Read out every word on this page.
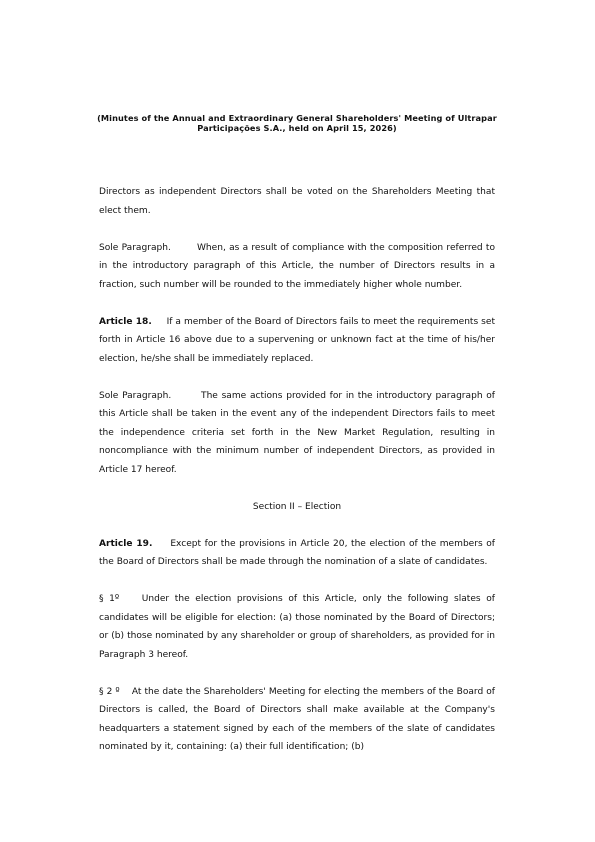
(Minutes of the Annual and Extraordinary General Shareholders' Meeting of Ultrapar
Participações S.A., held on April 15, 2026)

Directors as independent Directors shall be voted on the Shareholders Meeting that elect them.

Sole Paragraph.	When, as a result of compliance with the composition referred to in the introductory paragraph of this Article, the number of Directors results in a fraction, such number will be rounded to the immediately higher whole number.

Article 18. If a member of the Board of Directors fails to meet the requirements set forth in Article 16 above due to a supervening or unknown fact at the time of his/her election, he/she shall be immediately replaced.

Sole Paragraph.	The same actions provided for in the introductory paragraph of this Article shall be taken in the event any of the independent Directors fails to meet the independence criteria set forth in the New Market Regulation, resulting in noncompliance with the minimum number of independent Directors, as provided in Article 17 hereof.

Section II – Election

Article 19. Except for the provisions in Article 20, the election of the members of the Board of Directors shall be made through the nomination of a slate of candidates.

§ 1º Under the election provisions of this Article, only the following slates of candidates will be eligible for election: (a) those nominated by the Board of Directors; or (b) those nominated by any shareholder or group of shareholders, as provided for in Paragraph 3 hereof.

§ 2 º At the date the Shareholders' Meeting for electing the members of the Board of Directors is called, the Board of Directors shall make available at the Company's headquarters a statement signed by each of the members of the slate of candidates nominated by it, containing: (a) their full identification; (b)
